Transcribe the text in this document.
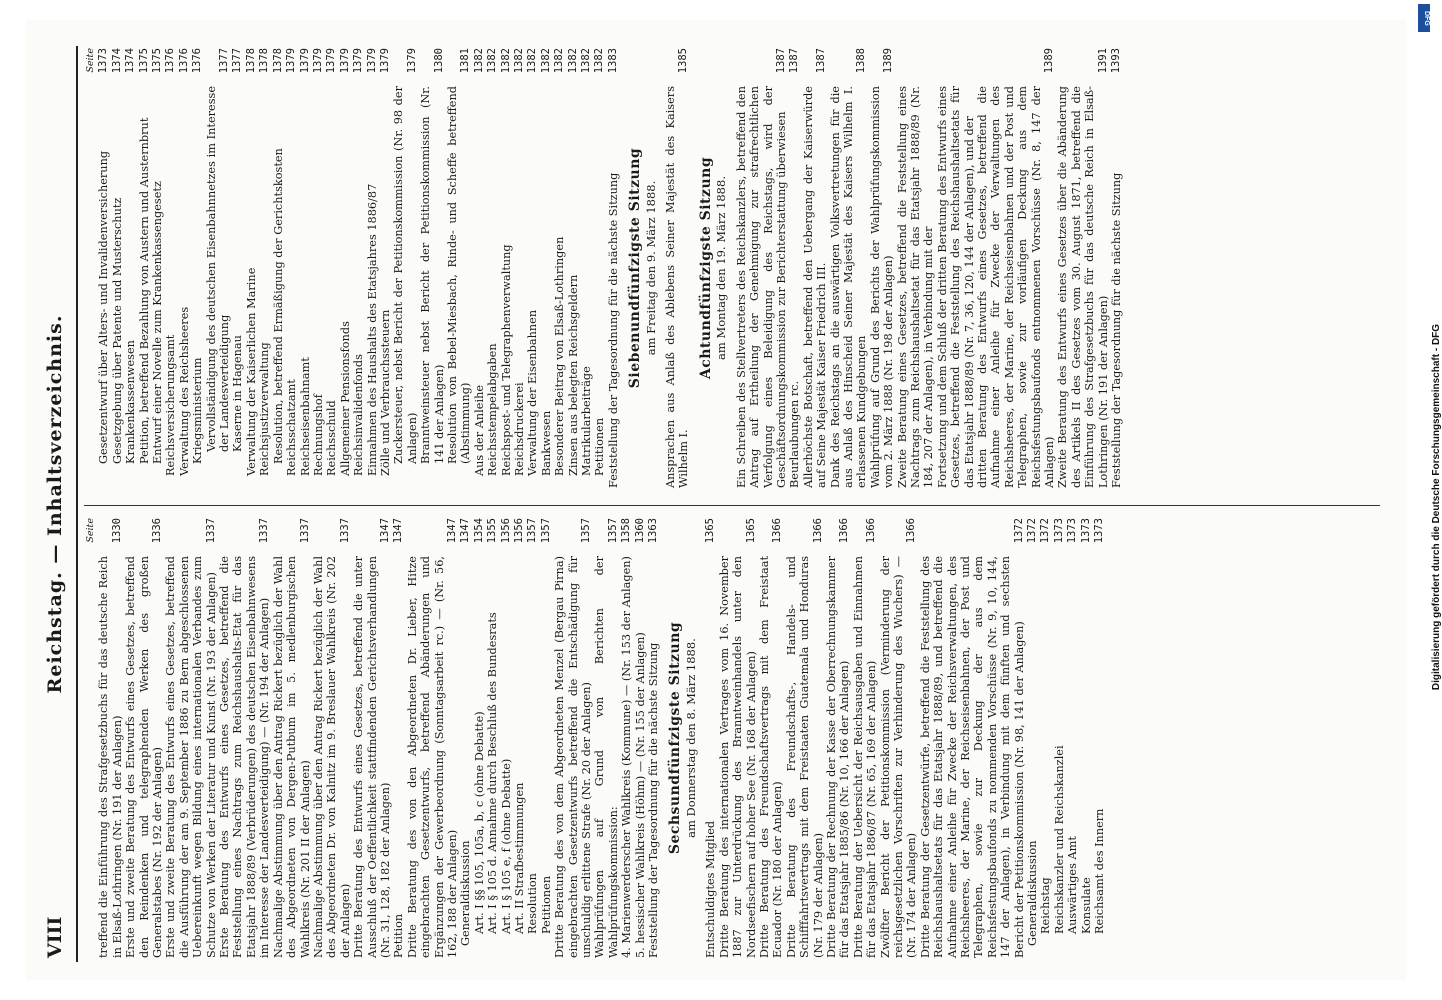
VIII
Reichstag. — Inhaltsverzeichnis. Seite
treffend die Einführung des Strafgesetzbuchs für das deutsche Reich in Elsaß-Lothringen (Nr. 191 der Anlagen)
1330
Erste und zweite Beratung des Entwurfs eines Gesetzes, betreffend den Reindenken und telegraphenden Werken des großen Generalstabes (Nr. 192 der Anlagen)
1336
Erste und zweite Beratung des Entwurfs eines Gesetzes, betreffend die Ausführung der am 9. September 1886 zu Bern abgeschlossenen Uebereinkunft wegen Bildung eines internationalen Verbandes zum Schutze von Werken der Literatur und Kunst (Nr. 193 der Anlagen)
1337
Erste Beratung des Entwurfs eines Gesetzes, betreffend die Feststellung eines Nachtrags zum Reichshaushalts-Etat für das Etatsjahr 1888/89 (Verbrüderungen) des deutschen Eisenbahnwesens im Interesse der Landesverteidigung) — (Nr. 194 der Anlagen)
1337
Nachmalige Abstimmung über den Antrag Rickert bezüglich der Wahl des Abgeordneten von Dergen-Putbum im 5. medlenburgischen Wahlkreis (Nr. 201 II der Anlagen)
1337
Nachmalige Abstimmung über den Antrag Rickert bezüglich der Wahl des Abgeordneten Dr. von Kalnitz im 9. Breslauer Wahlkreis (Nr. 202 der Anlagen)
1337
Dritte Beratung des Entwurfs eines Gesetzes, betreffend die unter Ausschluß der Oeffentlichkeit stattfindenden Gerichtsverhandlungen (Nr. 31, 128, 182 der Anlagen)
1347
Petition
1347
Dritte Beratung des von den Abgeordneten Dr. Lieber, Hitze eingebrachten Gesetzentwurfs, betreffend Abänderungen und Ergänzungen der Gewerbeordnung (Sonntagsarbeit rc.) — (Nr. 56, 162, 188 der Anlagen)
1347
Generaldiskussion
1347
Art. I §§ 105, 105a, b, c (ohne Debatte)
1354
Art. I § 105 d. Annahme durch Beschluß des Bundesrats
1355
Art. I § 105 e, f (ohne Debatte)
1356
Art. II Strafbestimmungen
1356
Resolution
1357
Petitionen
1357
Dritte Beratung des von dem Abgeordneten Menzel (Bergau Pirna) eingebrachten Gesetzentwurfs betreffend die Entschädigung für unschuldig erlittene Strafe (Nr. 20 der Anlagen)
1357
Wahlprüfungen auf Grund von Berichten der Wahlprüfungskommission:
1357
4. Marienwerderscher Wahlkreis (Kommune) — (Nr. 153 der Anlagen)
1358
5. hessischer Wahlkreis (Höhm) — (Nr. 155 der Anlagen)
1360
Feststellung der Tagesordnung für die nächste Sitzung
1363
Sechsundfünfzigste Sitzung am Donnerstag den 8. März 1888.
Entschuldigtes Mitglied
1365
Dritte Beratung des internationalen Vertrages vom 16. November 1887 zur Unterdrückung des Branntweinhandels unter den Nordseefischern auf hoher See (Nr. 168 der Anlagen)
1365
Dritte Beratung des Freundschaftsvertrags mit dem Freistaat Ecuador (Nr. 180 der Anlagen)
1366
Dritte Beratung des Freundschafts-, Handels- und Schifffahrtsvertrags mit dem Freistaaten Guatemala und Honduras (Nr. 179 der Anlagen)
1366
Dritte Beratung der Rechnung der Kasse der Oberrechnungskammer für das Etatsjahr 1885/86 (Nr. 10, 166 der Anlagen)
1366
Dritte Beratung der Uebersicht der Reichsausgaben und Einnahmen für das Etatsjahr 1886/87 (Nr. 65, 169 der Anlagen)
1366
Zwölfter Bericht der Petitionskommission (Verminderung der reichsgesetzlichen Vorschriften zur Verhinderung des Wuchers) — (Nr. 174 der Anlagen)
1366
Dritte Beratung der Gesetzentwürfe, betreffend die Feststellung des Reichshaushaltsetats für das Etatsjahr 1888/89, und betreffend die Aufnahme einer Anleihe für Zwecke der Reichsverwaltungen, des Reichsheeres, der Marine, der Reichseisenbahnen, der Post und Telegraphen, sowie zur Deckung der aus dem Reichsfestungsbaufonds zu nommenden Vorschüsse (Nr. 9, 10, 144, 147 der Anlagen), in Verbindung mit dem fünften und sechsten Bericht der Petitionskommission (Nr. 98, 141 der Anlagen)
1372
Generaldiskussion
1372
Reichstag
1372
Reichskanzler und Reichskanzlei
1373
Auswärtiges Amt
1373
Konsulate
1373
Reichsamt des Innern
1373
Seite
Gesetzentwurf über Alters- und Invalidenversicherung
1373
Gesetzgebung über Patente und Musterschutz
1374
Krankenkassenwesen
1374
Petition, betreffend Bezahlung von Austern und Austernbrut
1375
Entwurf einer Novelle zum Krankenkassengesetz
1375
Reichsversicherungsamt
1376
Verwaltung des Reichsheeres
1376
Kriegsministerium
1376
Vervollständigung des deutschen Eisenbahnnetzes im Interesse der Landesverteidigung
1377
Kaserne in Hagenau
1377
Verwaltung der Kaiserlichen Marine
1378
Reichsjustizverwaltung
1378
Resolution, betreffend Ermäßigung der Gerichtskosten
1378
Reichsschatzamt
1379
Reichseisenbahnamt
1379
Rechnungshof
1379
Reichsschuld
1379
Allgemeiner Pensionsfonds
1379
Reichsinvalidenfonds
1379
Einnahmen des Haushalts des Etatsjahres 1886/87
1379
Zölle und Verbrauchssteuern
1379
Zuckersteuer, nebst Bericht der Petitionskommission (Nr. 98 der Anlagen)
1379
Branntweinsteuer nebst Bericht der Petitionskommission (Nr. 141 der Anlagen)
1380
Resolution von Bebel-Miesbach, Rinde- und Scheffe betreffend (Abstimmung)
1381
Aus der Anleihe
1382
Reichsstempelabgaben
1382
Reichspost- und Telegraphenverwaltung
1382
Reichsdruckerei
1382
Verwaltung der Eisenbahnen
1382
Bankwesen
1382
Besonderer Beitrag von Elsaß-Lothringen
1382
Zinsen aus belegten Reichsgeldern
1382
Matrikularbeiträge
1382
Petitionen
1382
Feststellung der Tagesordnung für die nächste Sitzung
1383
Siebenundfünfzigste Sitzung am Freitag den 9. März 1888. Ansprachen aus Anlaß des Ablebens Seiner Majestät des Kaisers Wilhelm I.
1385
Achtundfünfzigste Sitzung am Montag den 19. März 1888. Ein Schreiben des Stellvertreters des Reichskanzlers, betreffend den Antrag auf Ertheilung der Genehmigung zur strafrechtlichen Verfolgung eines Beleidigung des Reichstags, wird der Geschäftsordnungskommission zur Berichterstattung überwiesen
1387
Beurlaubungen rc.
1387
Allerhöchste Botschaft, betreffend den Uebergang der Kaiserwürde auf Seine Majestät Kaiser Friedrich III.
1387
Dank des Reichstags an die auswärtigen Volksvertretungen für die aus Anlaß des Hinscheid Seiner Majestät des Kaisers Wilhelm I. erlassenen Kundgebungen
1388
Wahlprüfung auf Grund des Berichts der Wahlprüfungskommission vom 2. März 1888 (Nr. 198 der Anlagen)
1389
Zweite Beratung eines Gesetzes, betreffend die Feststellung eines Nachtrags zum Reichshaushaltsetat für das Etatsjahr 1888/89 (Nr. 184, 207 der Anlagen), in Verbindung mit der Fortsetzung und dem Schluß der dritten Beratung des Entwurfs eines Gesetzes, betreffend die Feststellung des Reichshaushaltsetats für das Etatsjahr 1888/89 (Nr. 7, 36, 120, 144 der Anlagen), und der dritten Beratung des Entwurfs eines Gesetzes, betreffend die Aufnahme einer Anleihe für Zwecke der Verwaltungen des Reichsheeres, der Marine, der Reichseisenbahnen und der Post und Telegraphen, sowie zur vorläufigen Deckung aus dem Reichsfestungsbaufonds entnommenen Vorschüsse (Nr. 8, 147 der Anlagen)
1389
Zweite Beratung des Entwurfs eines Gesetzes über die Abänderung des Artikels II des Gesetzes vom 30. August 1871, betreffend die Einführung des Strafgesetzbuchs für das deutsche Reich in Elsaß-Lothringen (Nr. 191 der Anlagen)
1391
Feststellung der Tagesordnung für die nächste Sitzung
1393
DFG
Digitalisierung gefördert durch die Deutsche Forschungsgemeinschaft - DFG
